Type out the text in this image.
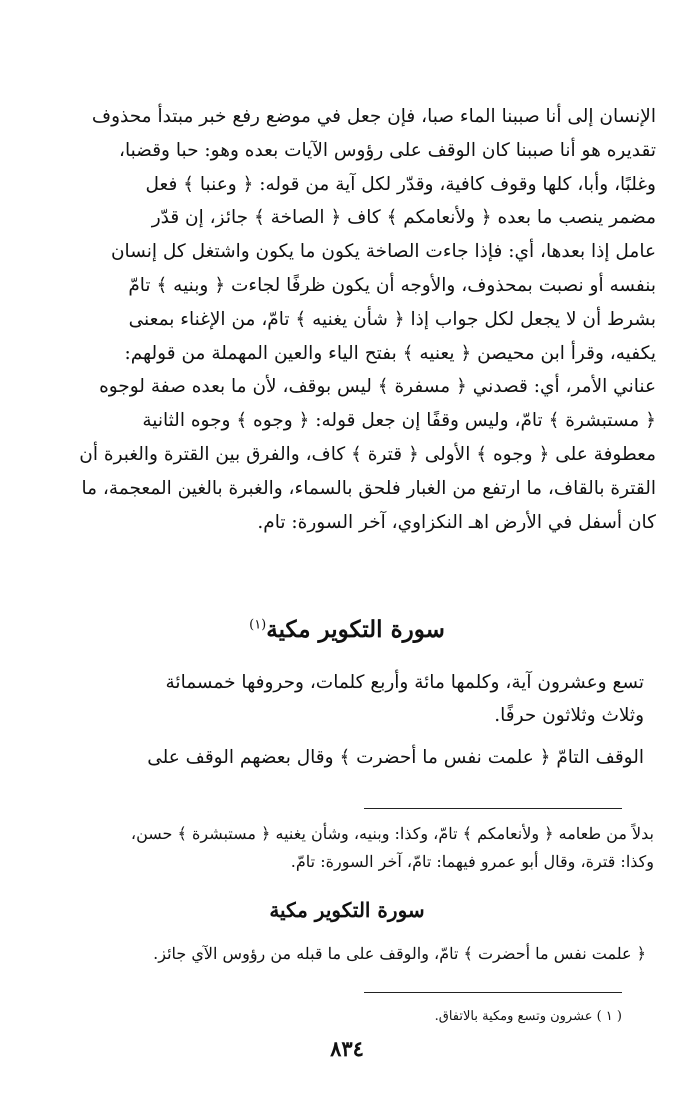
الإنسان إلى أنا صببنا الماء صبا، فإن جعل في موضع رفع خبر مبتدأ محذوف

تقديره هو أنا صببنا كان الوقف على رؤوس الآيات بعده وهو: حبا وقضبا،

وغلبًا، وأبا، كلها وقوف كافية، وقدّر لكل آية من قوله: ﴿ وعنبا ﴾ فعل

مضمر ينصب ما بعده ﴿ ولأنعامكم ﴾ كاف ﴿ الصاخة ﴾ جائز، إن قدّر

عامل إذا بعدها، أي: فإذا جاءت الصاخة يكون ما يكون واشتغل كل إنسان

بنفسه أو نصبت بمحذوف، والأوجه أن يكون ظرفًا لجاءت ﴿ وبنيه ﴾ تامّ

بشرط أن لا يجعل لكل جواب إذا ﴿ شأن يغنيه ﴾ تامّ، من الإغناء بمعنى

يكفيه، وقرأ ابن محيصن ﴿ يعنيه ﴾ بفتح الياء والعين المهملة من قولهم:

عناني الأمر، أي: قصدني ﴿ مسفرة ﴾ ليس بوقف، لأن ما بعده صفة لوجوه

﴿ مستبشرة ﴾ تامّ، وليس وقفًا إن جعل قوله: ﴿ وجوه ﴾ وجوه الثانية

معطوفة على ﴿ وجوه ﴾ الأولى ﴿ قترة ﴾ كاف، والفرق بين القترة والغبرة أن

القترة بالقاف، ما ارتفع من الغبار فلحق بالسماء، والغبرة بالغين المعجمة، ما

كان أسفل في الأرض اهـ النكزاوي، آخر السورة: تام.

سورة التكوير مكية$^{(١)}$

تسع وعشرون آية، وكلمها مائة وأربع كلمات، وحروفها خمسمائة

وثلاث وثلاثون حرفًا.

الوقف التامّ ﴿ علمت نفس ما أحضرت ﴾ وقال بعضهم الوقف على

بدلاً من طعامه ﴿ ولأنعامكم ﴾ تامّ، وكذا: وبنيه، وشأن يغنيه ﴿ مستبشرة ﴾ حسن،

وكذا: قترة، وقال أبو عمرو فيهما: تامّ، آخر السورة: تامّ.

سورة التكوير مكية
﴿ علمت نفس ما أحضرت ﴾ تامّ، والوقف على ما قبله من رؤوس الآي جائز.
( ١ ) عشرون وتسع ومكية بالاتفاق.
٨٣٤
